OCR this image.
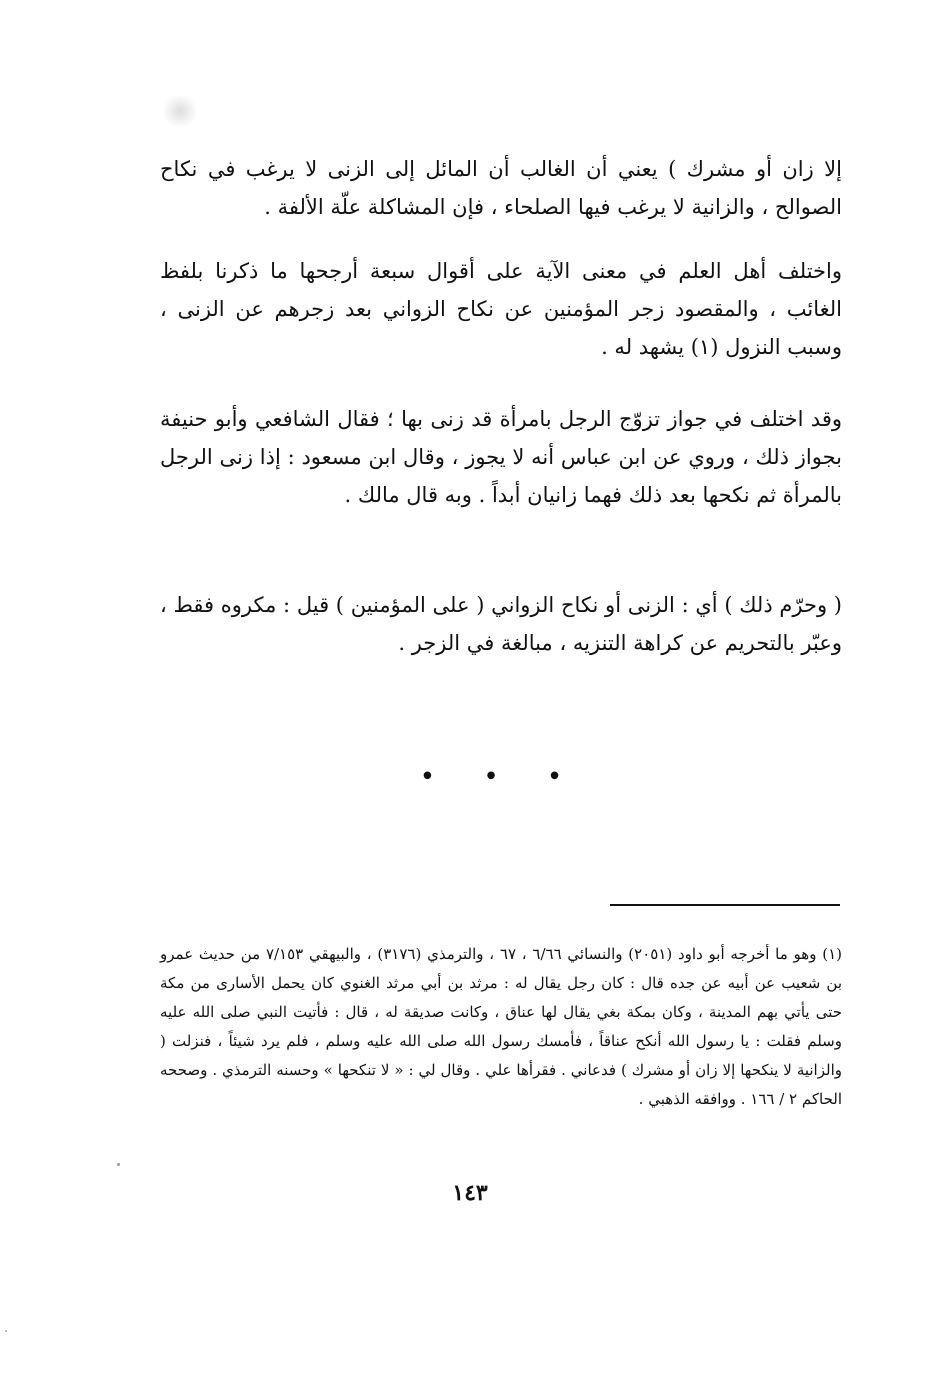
إلا زان أو مشرك ) يعني أن الغالب أن المائل إلى الزنى لا يرغب في نكاح الصوالح ، والزانية لا يرغب فيها الصلحاء ، فإن المشاكلة علّة الألفة .

واختلف أهل العلم في معنى الآية على أقوال سبعة أرجحها ما ذكرنا بلفظ الغائب ، والمقصود زجر المؤمنين عن نكاح الزواني بعد زجرهم عن الزنى ، وسبب النزول (١) يشهد له .

وقد اختلف في جواز تزوّج الرجل بامرأة قد زنى بها ؛ فقال الشافعي وأبو حنيفة بجواز ذلك ، وروي عن ابن عباس أنه لا يجوز ، وقال ابن مسعود : إذا زنى الرجل بالمرأة ثم نكحها بعد ذلك فهما زانيان أبداً . وبه قال مالك .

( وحرّم ذلك ) أي : الزنى أو نكاح الزواني ( على المؤمنين ) قيل : مكروه فقط ، وعبّر بالتحريم عن كراهة التنزيه ، مبالغة في الزجر .

• • •

(١) وهو ما أخرجه أبو داود (٢٠٥١) والنسائي ٦/٦٦ ، ٦٧ ، والترمذي (٣١٧٦) ، والبيهقي ٧/١٥٣ من حديث عمرو بن شعيب عن أبيه عن جده قال : كان رجل يقال له : مرثد بن أبي مرثد الغنوي كان يحمل الأسارى من مكة حتى يأتي بهم المدينة ، وكان بمكة بغي يقال لها عناق ، وكانت صديقة له ، قال : فأتيت النبي صلى الله عليه وسلم فقلت : يا رسول الله أنكح عناقاً ، فأمسك رسول الله صلى الله عليه وسلم ، فلم يرد شيئاً ، فنزلت ( والزانية لا ينكحها إلا زان أو مشرك ) فدعاني . فقرأها علي . وقال لي : « لا تنكحها » وحسنه الترمذي . وصححه الحاكم ٢ / ١٦٦ . ووافقه الذهبي .

١٤٣
